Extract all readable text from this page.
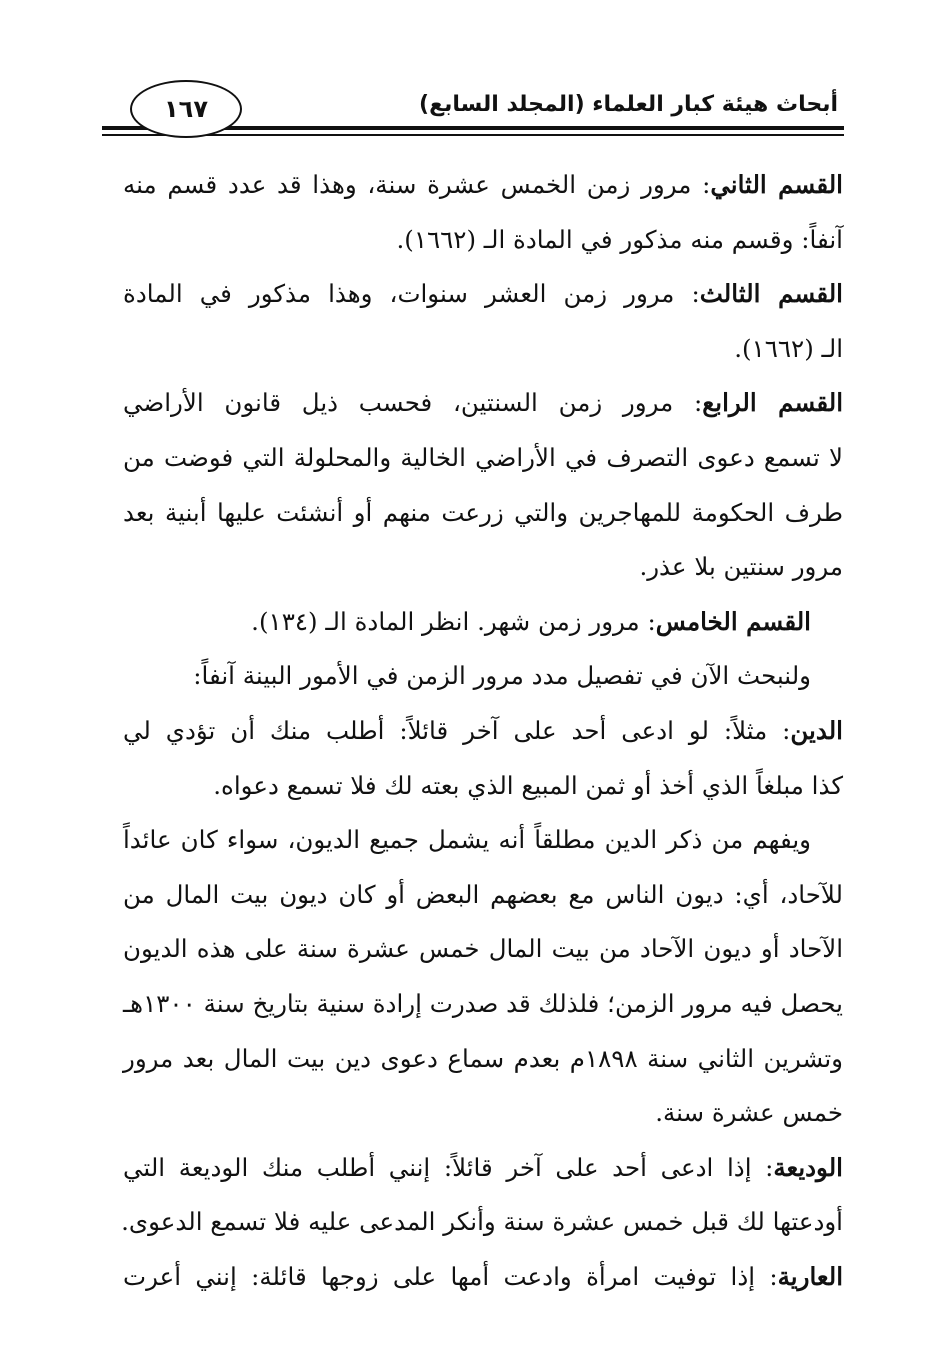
أبحاث هيئة كبار العلماء (المجلد السابع)
١٦٧
القسم الثاني: مرور زمن الخمس عشرة سنة، وهذا قد عدد قسم منه
آنفاً: وقسم منه مذكور في المادة الـ (١٦٦٢).
القسم الثالث: مرور زمن العشر سنوات، وهذا مذكور في المادة
الـ (١٦٦٢).
القسم الرابع: مرور زمن السنتين، فحسب ذيل قانون الأراضي
لا تسمع دعوى التصرف في الأراضي الخالية والمحلولة التي فوضت من
طرف الحكومة للمهاجرين والتي زرعت منهم أو أنشئت عليها أبنية بعد
مرور سنتين بلا عذر.
القسم الخامس: مرور زمن شهر. انظر المادة الـ (١٣٤).
ولنبحث الآن في تفصيل مدد مرور الزمن في الأمور البينة آنفاً:
الدين: مثلاً: لو ادعى أحد على آخر قائلاً: أطلب منك أن تؤدي لي
كذا مبلغاً الذي أخذ أو ثمن المبيع الذي بعته لك فلا تسمع دعواه.
ويفهم من ذكر الدين مطلقاً أنه يشمل جميع الديون، سواء كان عائداً
للآحاد، أي: ديون الناس مع بعضهم البعض أو كان ديون بيت المال من
الآحاد أو ديون الآحاد من بيت المال خمس عشرة سنة على هذه الديون
يحصل فيه مرور الزمن؛ فلذلك قد صدرت إرادة سنية بتاريخ سنة ١٣٠٠هـ
وتشرين الثاني سنة ١٨٩٨م بعدم سماع دعوى دين بيت المال بعد مرور
خمس عشرة سنة.
الوديعة: إذا ادعى أحد على آخر قائلاً: إنني أطلب منك الوديعة التي
أودعتها لك قبل خمس عشرة سنة وأنكر المدعى عليه فلا تسمع الدعوى.
العارية: إذا توفيت امرأة وادعت أمها على زوجها قائلة: إنني أعرت
